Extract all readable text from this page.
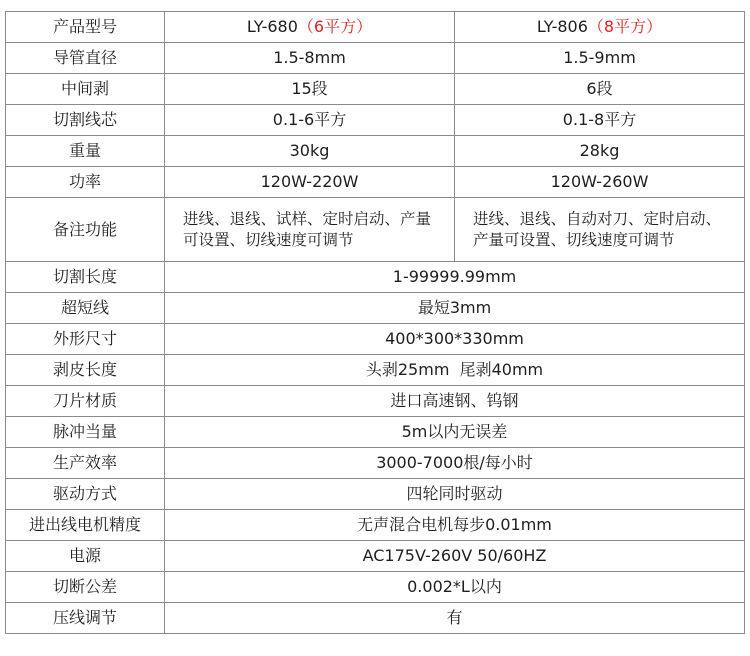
产品型号	LY-680（6平方）	LY-806（8平方）
导管直径	1.5-8mm	1.5-9mm
中间剥	15段	6段
切割线芯	0.1-6平方	0.1-8平方
重量	30kg	28kg
功率	120W-220W	120W-260W
备注功能	进线、退线、试样、定时启动、产量可设置、切线速度可调节	进线、退线、自动对刀、定时启动、产量可设置、切线速度可调节
切割长度	1-99999.99mm	
超短线	最短3mm	
外形尺寸	400*300*330mm	
剥皮长度	头剥25mm  尾剥40mm	
刀片材质	进口高速钢、钨钢	
脉冲当量	5m以内无误差	
生产效率	3000-7000根/每小时	
驱动方式	四轮同时驱动	
进出线电机精度	无声混合电机每步0.01mm	
电源	AC175V-260V 50/60HZ	
切断公差	0.002*L以内	
压线调节	有	
